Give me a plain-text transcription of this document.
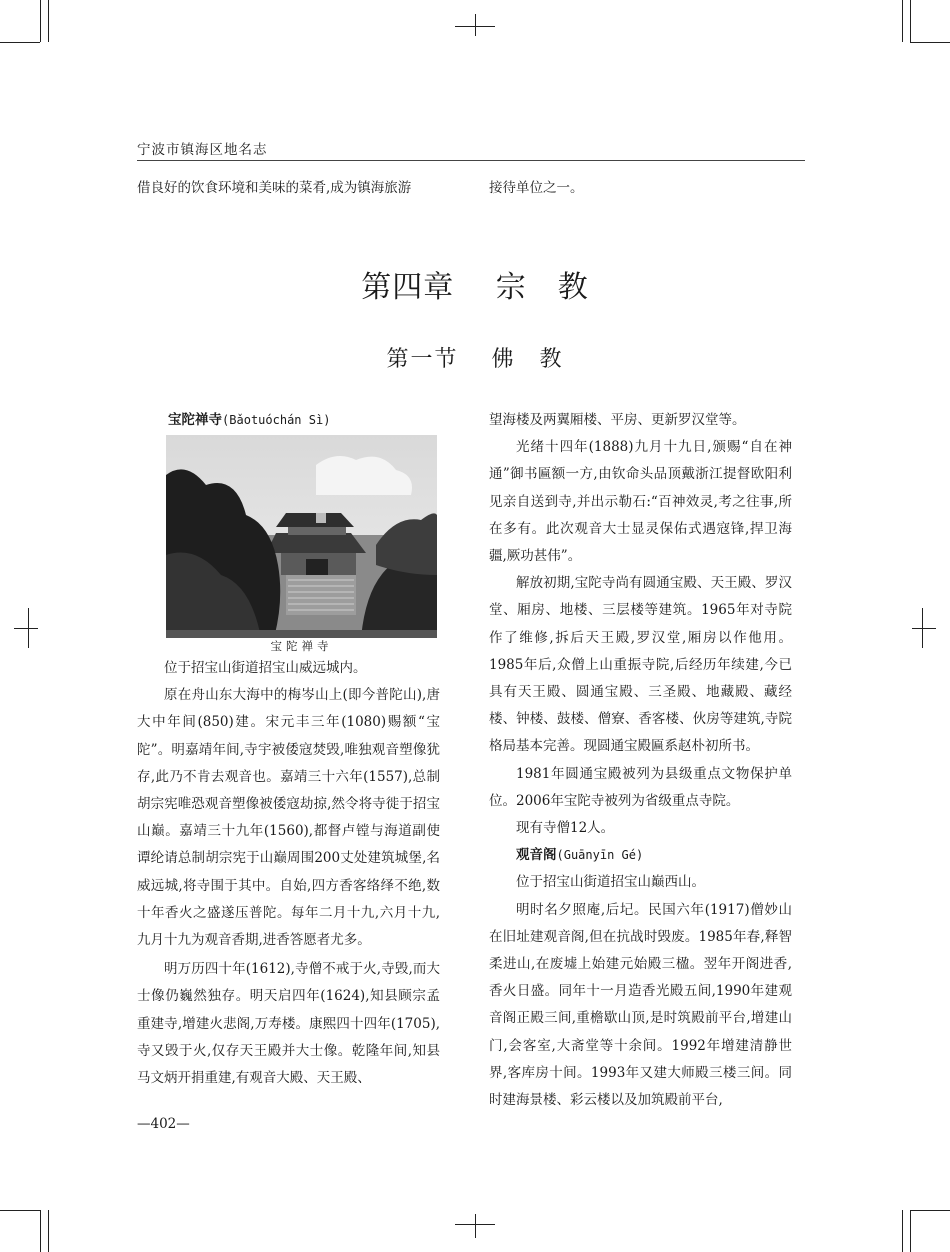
宁波市镇海区地名志
借良好的饮食环境和美味的菜肴,成为镇海旅游	接待单位之一。
第四章　 宗　教
第一节　 佛　教

宝陀禅寺(Bǎotuóchán Sì)

宝陀禅寺

位于招宝山街道招宝山威远城内。

原在舟山东大海中的梅岑山上(即今普陀山),唐大中年间(850)建。宋元丰三年(1080)赐额“宝陀”。明嘉靖年间,寺宇被倭寇焚毁,唯独观音塑像犹存,此乃不肯去观音也。嘉靖三十六年(1557),总制胡宗宪唯恐观音塑像被倭寇劫掠,然令将寺徙于招宝山巅。嘉靖三十九年(1560),都督卢镗与海道副使谭纶请总制胡宗宪于山巅周围200丈处建筑城堡,名威远城,将寺围于其中。自始,四方香客络绎不绝,数十年香火之盛遂压普陀。每年二月十九,六月十九,九月十九为观音香期,进香答愿者尤多。

明万历四十年(1612),寺僧不戒于火,寺毁,而大士像仍巍然独存。明天启四年(1624),知县顾宗孟重建寺,增建火悲阁,万寿楼。康熙四十四年(1705),寺又毁于火,仅存天王殿并大士像。乾隆年间,知县马文炳开捐重建,有观音大殿、天王殿、

望海楼及两翼厢楼、平房、更新罗汉堂等。

光绪十四年(1888)九月十九日,颁赐“自在神通”御书匾额一方,由钦命头品顶戴浙江提督欧阳利见亲自送到寺,并出示勒石:“百神效灵,考之往事,所在多有。此次观音大士显灵保佑式遇寇锋,捍卫海疆,厥功甚伟”。

解放初期,宝陀寺尚有圆通宝殿、天王殿、罗汉堂、厢房、地楼、三层楼等建筑。1965年对寺院作了维修,拆后天王殿,罗汉堂,厢房以作他用。1985年后,众僧上山重振寺院,后经历年续建,今已具有天王殿、圆通宝殿、三圣殿、地藏殿、藏经楼、钟楼、鼓楼、僧寮、香客楼、伙房等建筑,寺院格局基本完善。现圆通宝殿匾系赵朴初所书。

1981年圆通宝殿被列为县级重点文物保护单位。2006年宝陀寺被列为省级重点寺院。

现有寺僧12人。

观音阁(Guānyīn Gé)

位于招宝山街道招宝山巅西山。

明时名夕照庵,后圮。民国六年(1917)僧妙山在旧址建观音阁,但在抗战时毁废。1985年春,释智柔进山,在废墟上始建元始殿三楹。翌年开阁进香,香火日盛。同年十一月造香光殿五间,1990年建观音阁正殿三间,重檐歇山顶,是时筑殿前平台,增建山门,会客室,大斋堂等十余间。1992年增建清静世界,客库房十间。1993年又建大师殿三楼三间。同时建海景楼、彩云楼以及加筑殿前平台,

—402—
